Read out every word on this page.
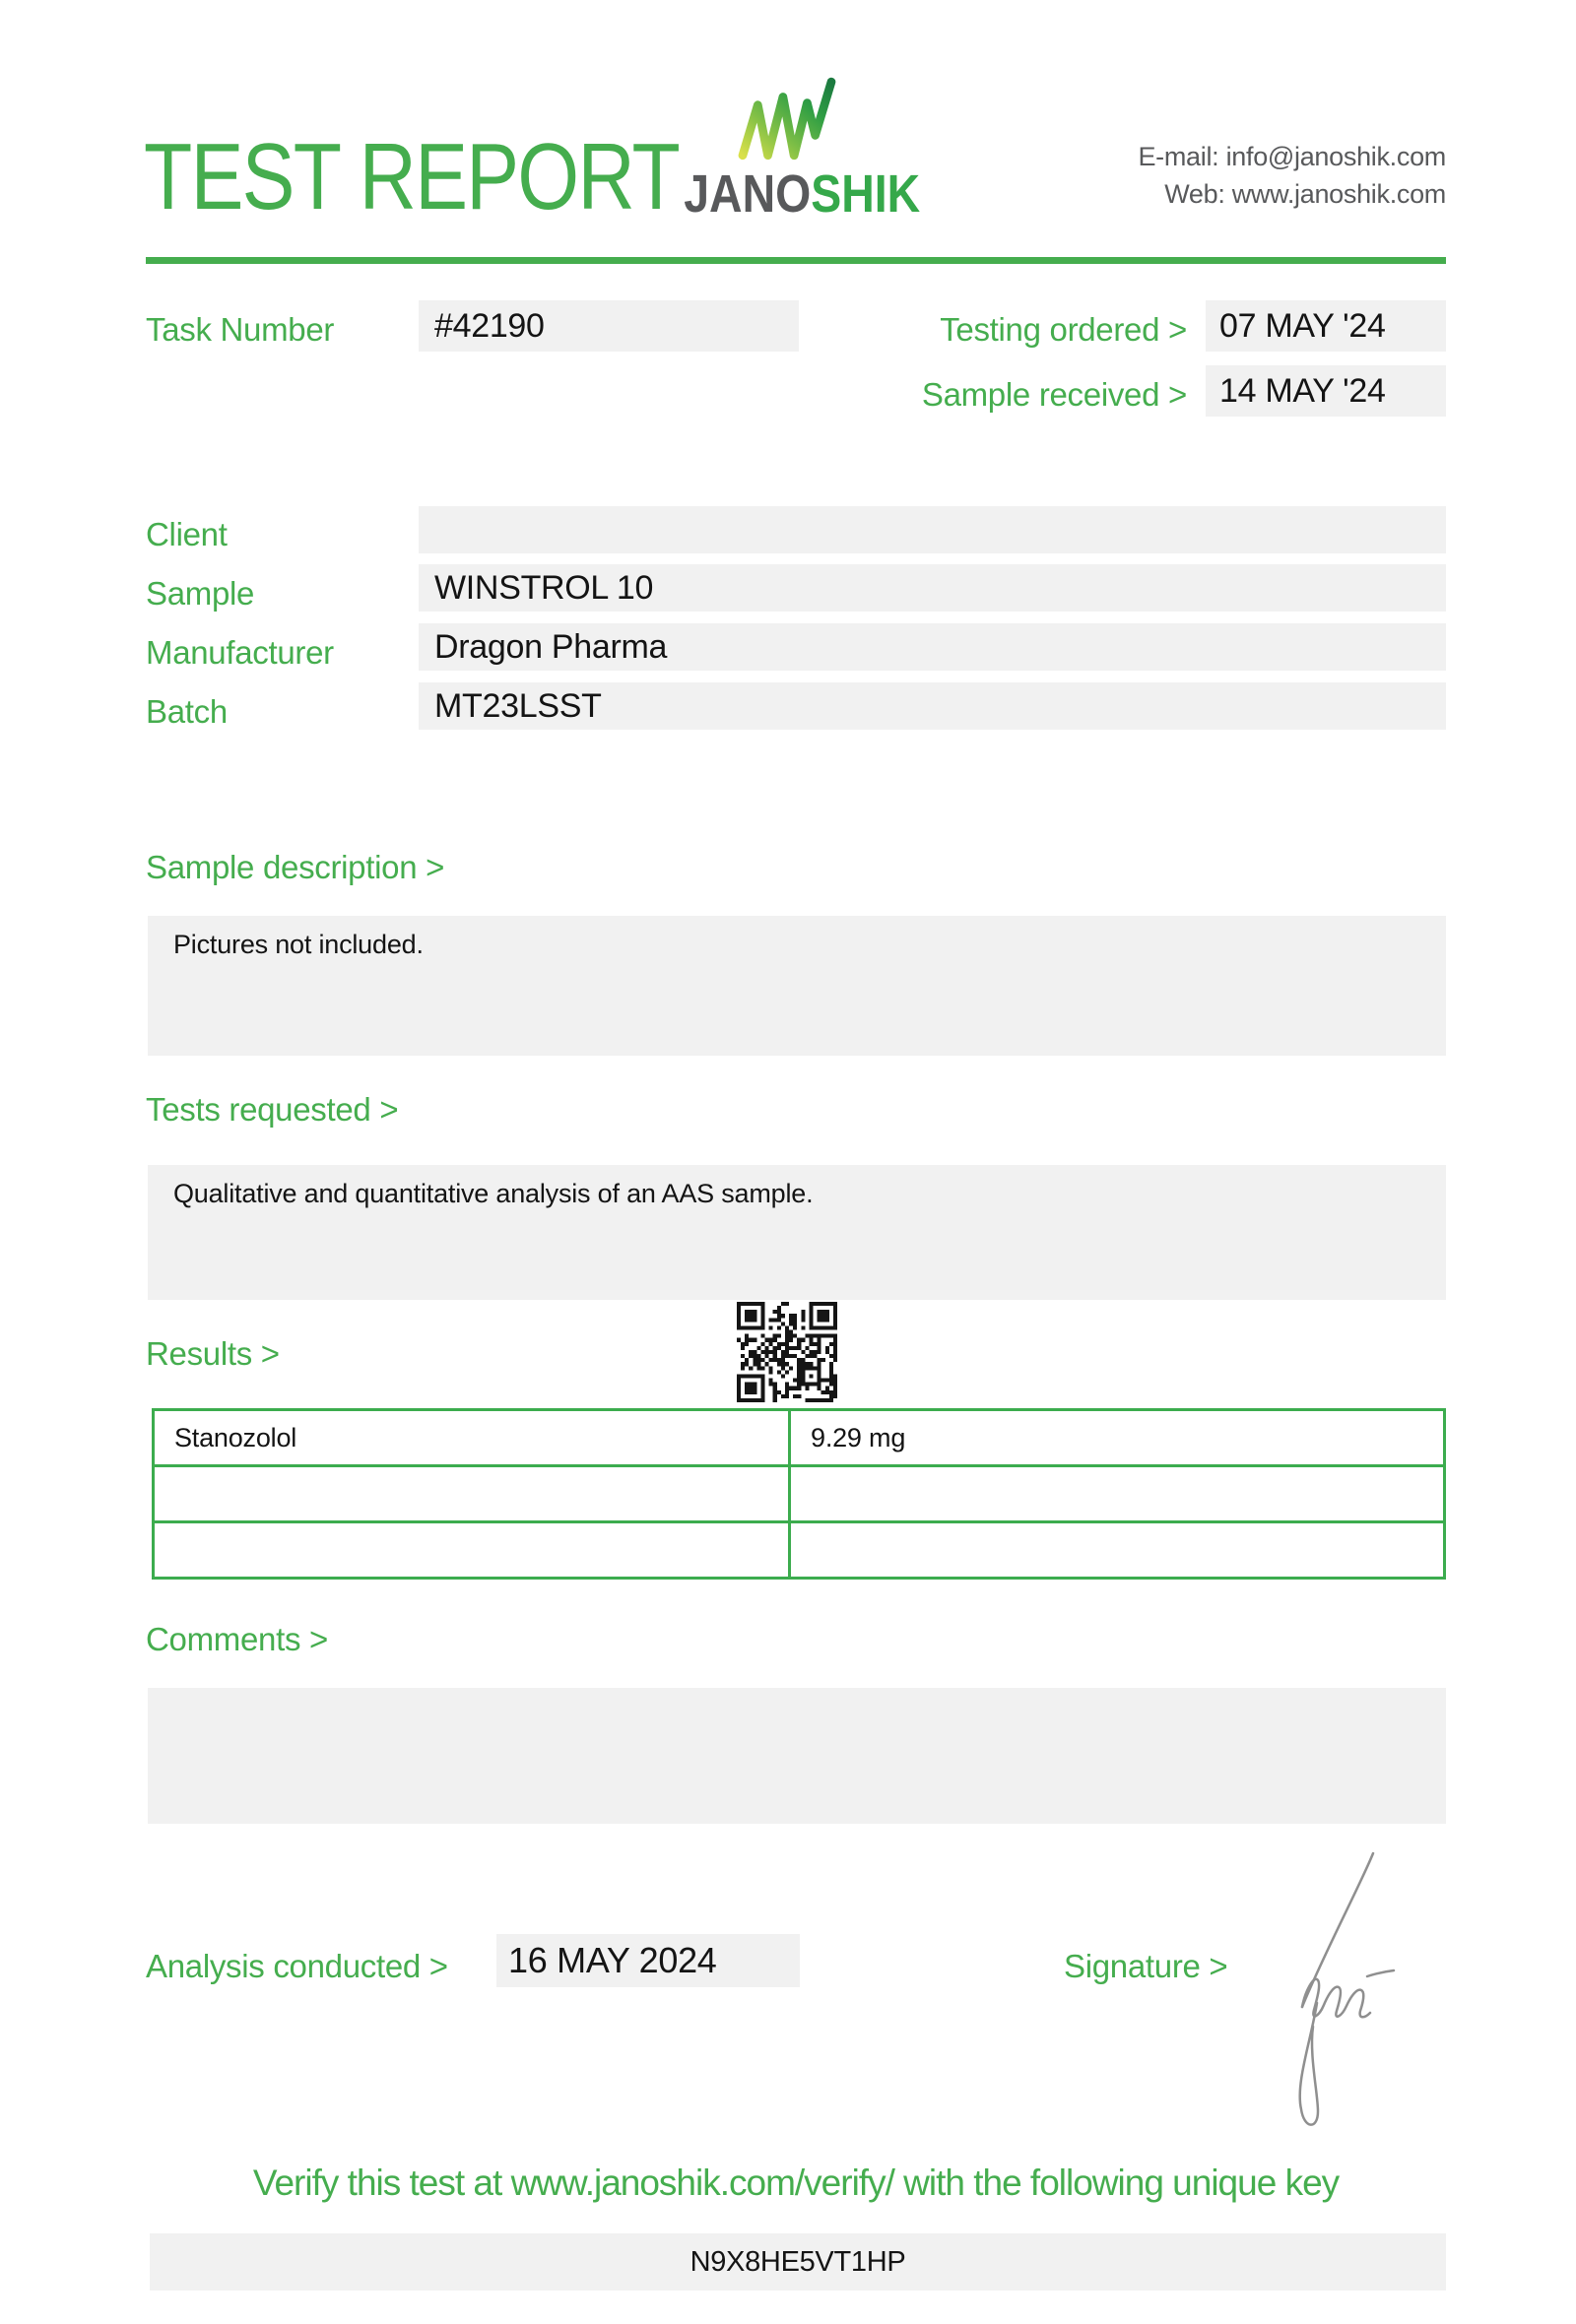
TEST REPORT JANOSHIK
E-mail: info@janoshik.com
Web: www.janoshik.com
Task Number	#42190	Testing ordered > 07 MAY '24
Sample received > 14 MAY '24
Client
Sample	WINSTROL 10
Manufacturer	Dragon Pharma
Batch	MT23LSST
Sample description >
Pictures not included.
Tests requested >
Qualitative and quantitative analysis of an AAS sample.
Results >
Stanozolol	9.29 mg

Comments >
Analysis conducted > 16 MAY 2024	Signature >
Verify this test at www.janoshik.com/verify/ with the following unique key
N9X8HE5VT1HP
